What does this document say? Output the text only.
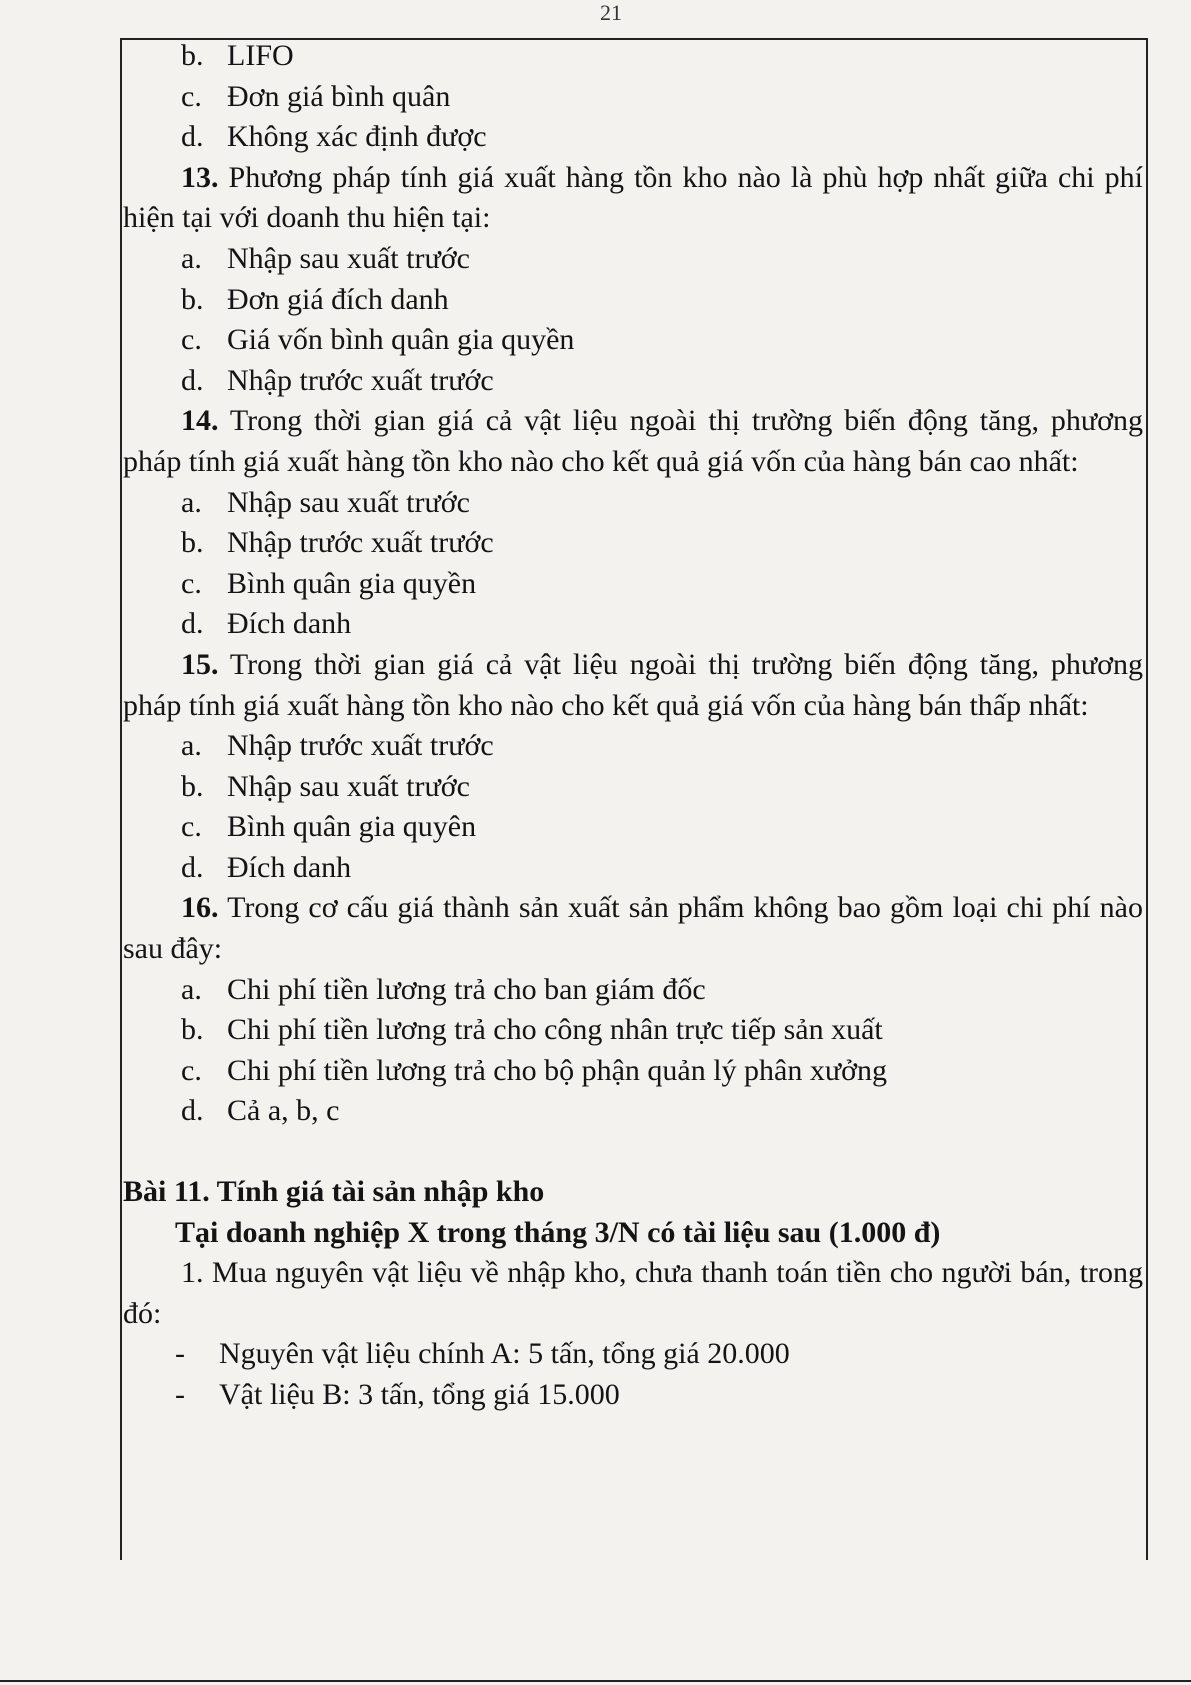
21
b. LIFO
c. Đơn giá bình quân
d. Không xác định được
13. Phương pháp tính giá xuất hàng tồn kho nào là phù hợp nhất giữa chi phí hiện tại với doanh thu hiện tại:
a. Nhập sau xuất trước
b. Đơn giá đích danh
c. Giá vốn bình quân gia quyền
d. Nhập trước xuất trước
14. Trong thời gian giá cả vật liệu ngoài thị trường biến động tăng, phương pháp tính giá xuất hàng tồn kho nào cho kết quả giá vốn của hàng bán cao nhất:
a. Nhập sau xuất trước
b. Nhập trước xuất trước
c. Bình quân gia quyền
d. Đích danh
15. Trong thời gian giá cả vật liệu ngoài thị trường biến động tăng, phương pháp tính giá xuất hàng tồn kho nào cho kết quả giá vốn của hàng bán thấp nhất:
a. Nhập trước xuất trước
b. Nhập sau xuất trước
c. Bình quân gia quyên
d. Đích danh
16. Trong cơ cấu giá thành sản xuất sản phẩm không bao gồm loại chi phí nào sau đây:
a. Chi phí tiền lương trả cho ban giám đốc
b. Chi phí tiền lương trả cho công nhân trực tiếp sản xuất
c. Chi phí tiền lương trả cho bộ phận quản lý phân xưởng
d. Cả a, b, c
Bài 11. Tính giá tài sản nhập kho
Tại doanh nghiệp X trong tháng 3/N có tài liệu sau (1.000 đ)
1. Mua nguyên vật liệu về nhập kho, chưa thanh toán tiền cho người bán, trong đó:
- Nguyên vật liệu chính A: 5 tấn, tổng giá 20.000
- Vật liệu B: 3 tấn, tổng giá 15.000
